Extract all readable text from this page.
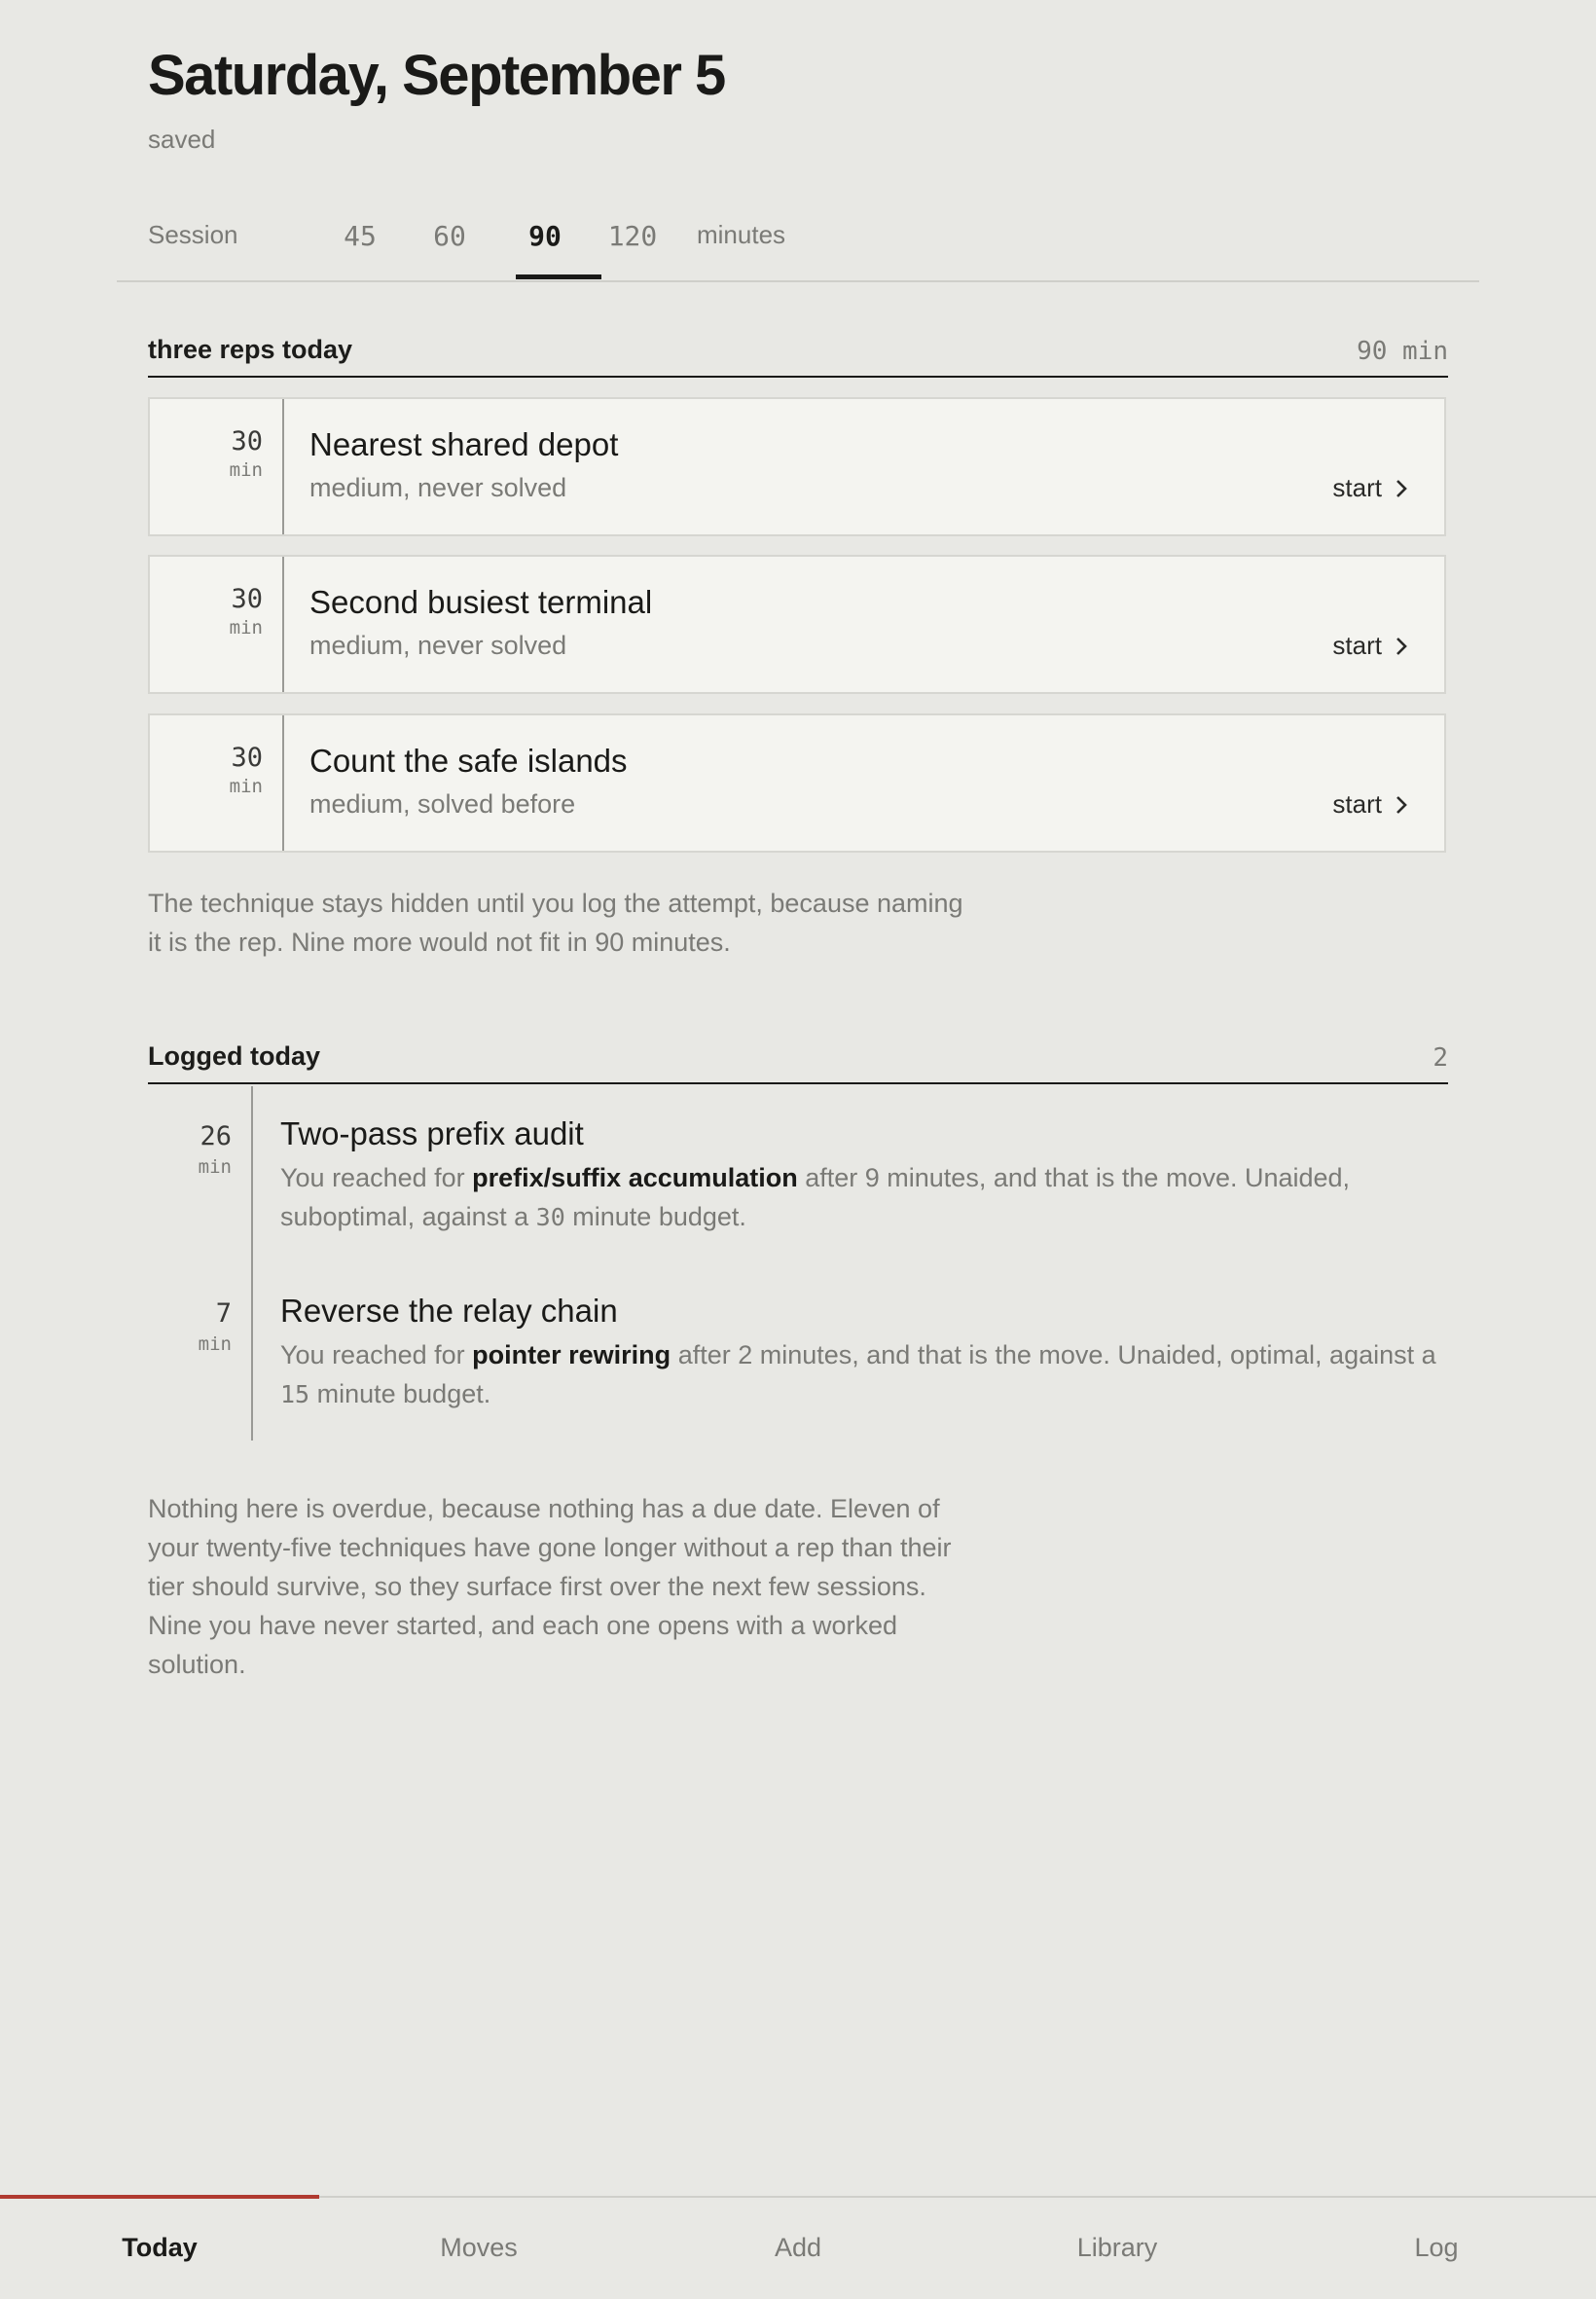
Saturday, September 5
saved
Session	45	60	90	120	minutes
three reps today	90 min
30
min
Nearest shared depot
medium, never solved	start
30
min
Second busiest terminal
medium, never solved	start
30
min
Count the safe islands
medium, solved before	start

The technique stays hidden until you log the attempt, because naming
it is the rep. Nine more would not fit in 90 minutes.

Logged today	2
26
min
Two-pass prefix audit

You reached for prefix/suffix accumulation after 9 minutes, and that is the move. Unaided,
suboptimal, against a 30 minute budget.

7
min
Reverse the relay chain

You reached for pointer rewiring after 2 minutes, and that is the move. Unaided, optimal, against a
15 minute budget.

Nothing here is overdue, because nothing has a due date. Eleven of
your twenty-five techniques have gone longer without a rep than their
tier should survive, so they surface first over the next few sessions.
Nine you have never started, and each one opens with a worked
solution.

Today	Moves	Add	Library	Log
